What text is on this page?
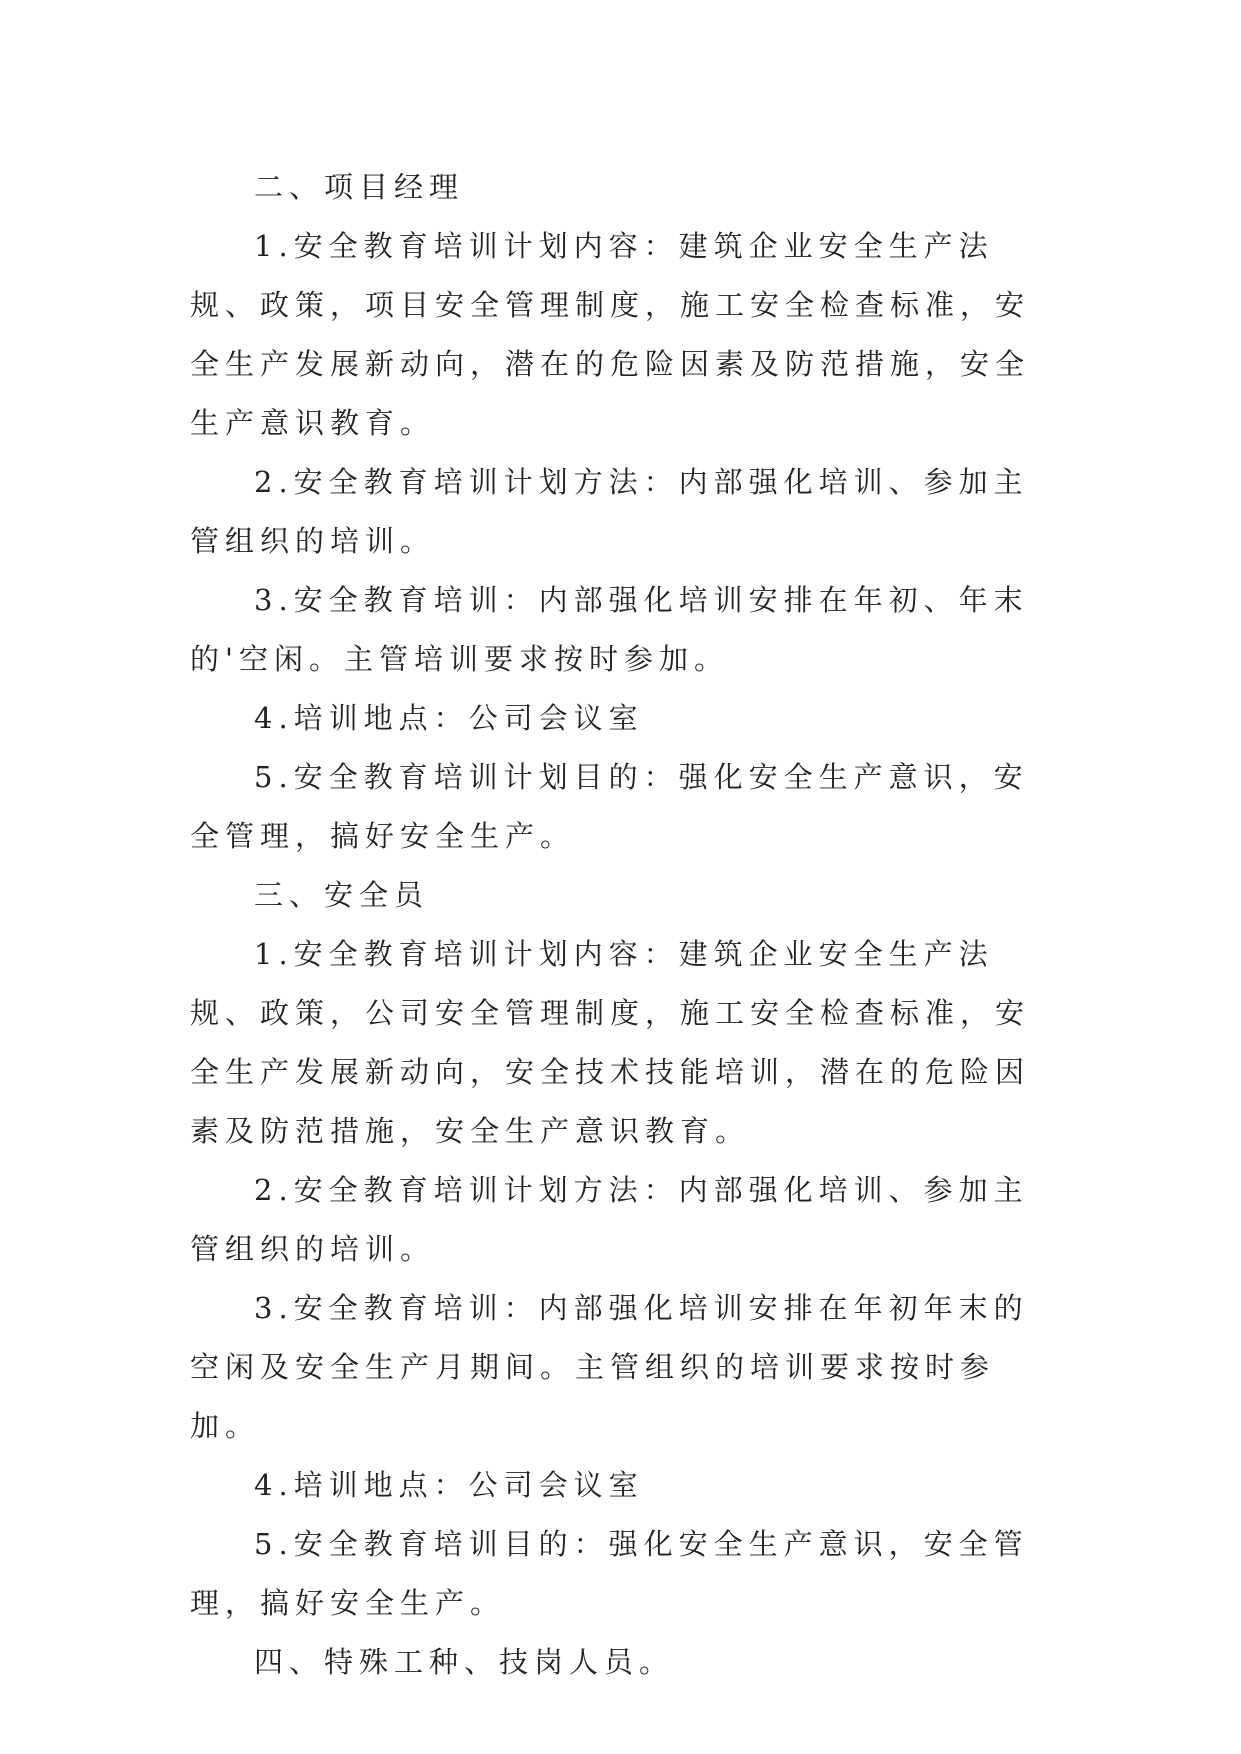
二、项目经理

1.安全教育培训计划内容：建筑企业安全生产法规、政策，项目安全管理制度，施工安全检查标准，安全生产发展新动向，潜在的危险因素及防范措施，安全生产意识教育。

2.安全教育培训计划方法：内部强化培训、参加主管组织的培训。

3.安全教育培训：内部强化培训安排在年初、年末的'空闲。主管培训要求按时参加。

4.培训地点：公司会议室

5.安全教育培训计划目的：强化安全生产意识，安全管理，搞好安全生产。

三、安全员

1.安全教育培训计划内容：建筑企业安全生产法规、政策，公司安全管理制度，施工安全检查标准，安全生产发展新动向，安全技术技能培训，潜在的危险因素及防范措施，安全生产意识教育。

2.安全教育培训计划方法：内部强化培训、参加主管组织的培训。

3.安全教育培训：内部强化培训安排在年初年末的空闲及安全生产月期间。主管组织的培训要求按时参加。

4.培训地点：公司会议室

5.安全教育培训目的：强化安全生产意识，安全管理，搞好安全生产。

四、特殊工种、技岗人员。
